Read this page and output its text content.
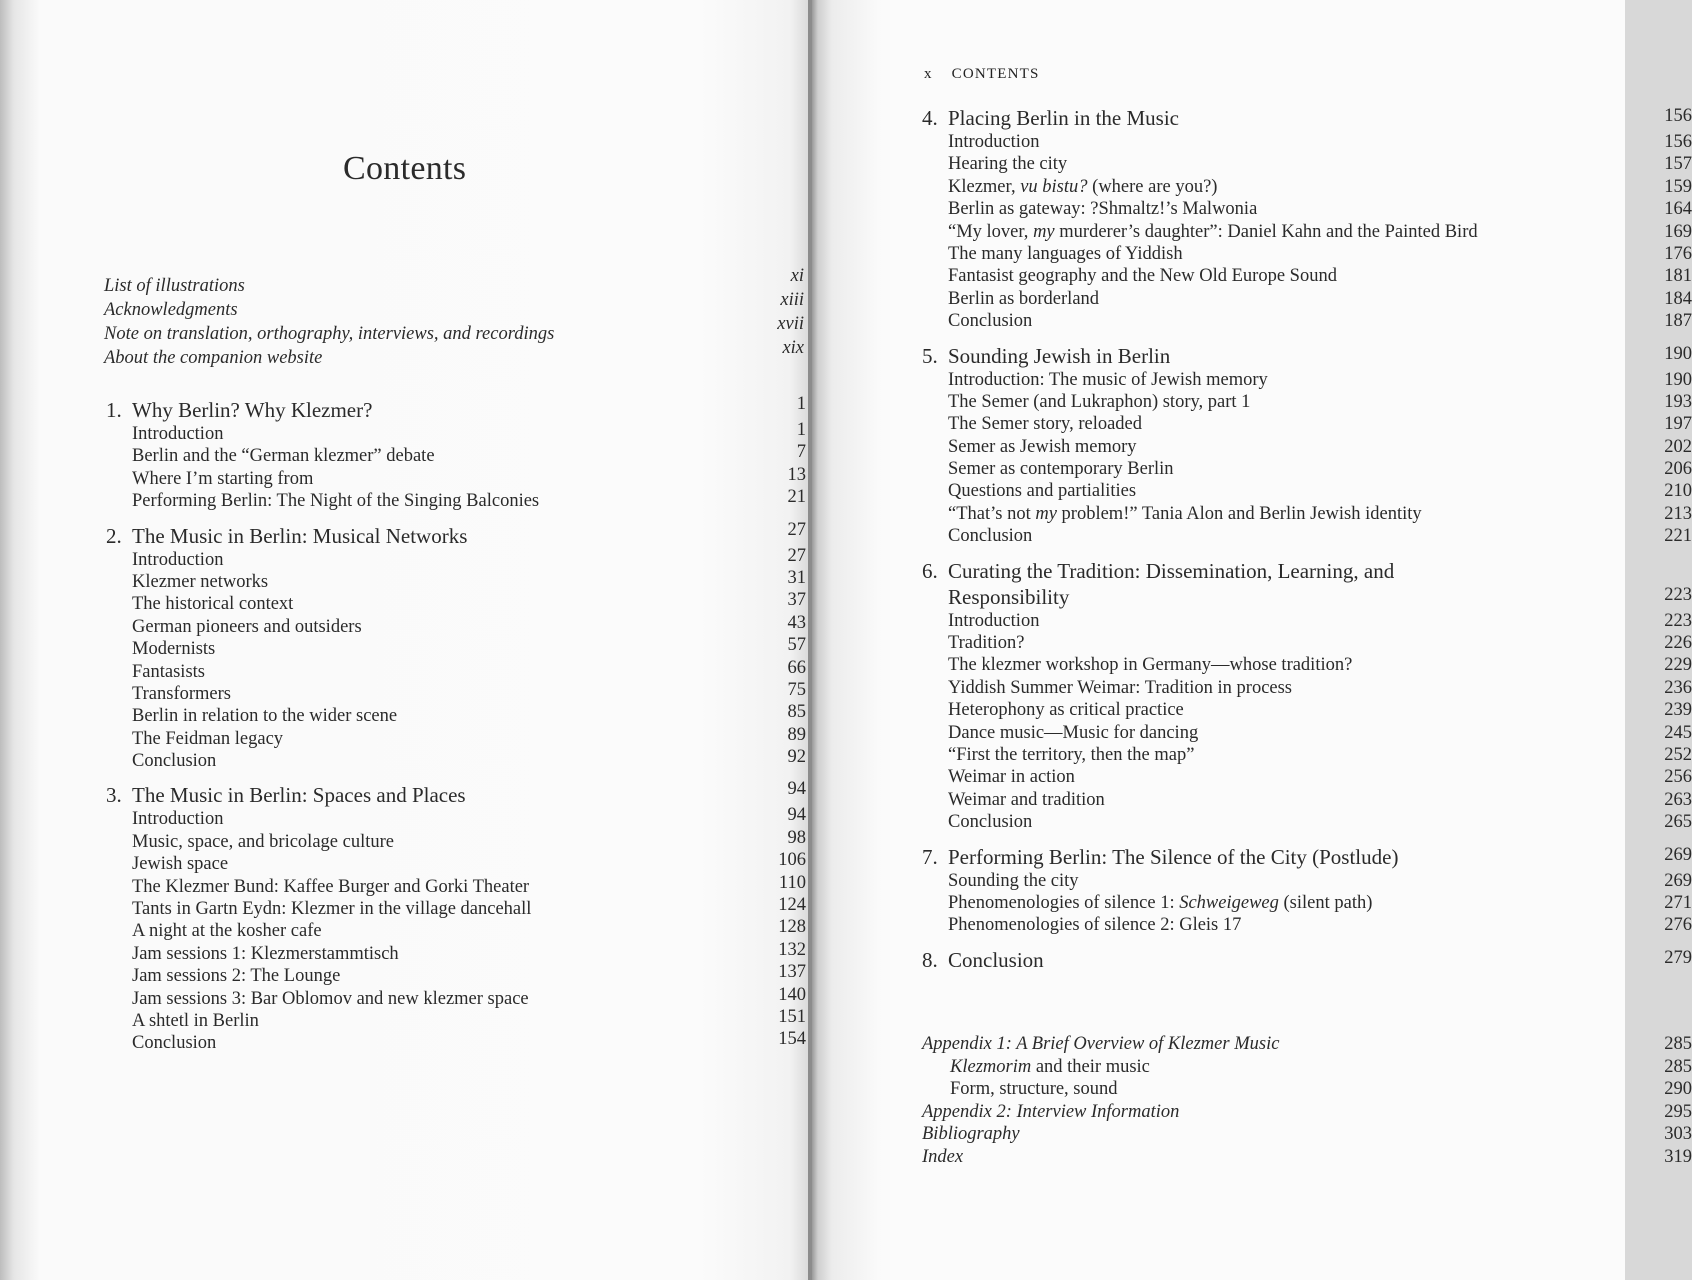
Contents
List of illustrations	xi
Acknowledgments	xiii
Note on translation, orthography, interviews, and recordings	xvii
About the companion website	xix
1. Why Berlin? Why Klezmer?	1
Introduction	1
Berlin and the “German klezmer” debate	7
Where I’m starting from	13
Performing Berlin: The Night of the Singing Balconies	21
2. The Music in Berlin: Musical Networks	27
Introduction	27
Klezmer networks	31
The historical context	37
German pioneers and outsiders	43
Modernists	57
Fantasists	66
Transformers	75
Berlin in relation to the wider scene	85
The Feidman legacy	89
Conclusion	92
3. The Music in Berlin: Spaces and Places	94
Introduction	94
Music, space, and bricolage culture	98
Jewish space	106
The Klezmer Bund: Kaffee Burger and Gorki Theater	110
Tants in Gartn Eydn: Klezmer in the village dancehall	124
A night at the kosher cafe	128
Jam sessions 1: Klezmerstammtisch	132
Jam sessions 2: The Lounge	137
Jam sessions 3: Bar Oblomov and new klezmer space	140
A shtetl in Berlin	151
Conclusion	154
x CONTENTS
4. Placing Berlin in the Music	156
Introduction	156
Hearing the city	157
Klezmer, vu bistu? (where are you?)	159
Berlin as gateway: ?Shmaltz!’s Malwonia	164
“My lover, my murderer’s daughter”: Daniel Kahn and the Painted Bird	169
The many languages of Yiddish	176
Fantasist geography and the New Old Europe Sound	181
Berlin as borderland	184
Conclusion	187
5. Sounding Jewish in Berlin	190
Introduction: The music of Jewish memory	190
The Semer (and Lukraphon) story, part 1	193
The Semer story, reloaded	197
Semer as Jewish memory	202
Semer as contemporary Berlin	206
Questions and partialities	210
“That’s not my problem!” Tania Alon and Berlin Jewish identity	213
Conclusion	221
6. Curating the Tradition: Dissemination, Learning, and
Responsibility	223
Introduction	223
Tradition?	226
The klezmer workshop in Germany—whose tradition?	229
Yiddish Summer Weimar: Tradition in process	236
Heterophony as critical practice	239
Dance music—Music for dancing	245
“First the territory, then the map”	252
Weimar in action	256
Weimar and tradition	263
Conclusion	265
7. Performing Berlin: The Silence of the City (Postlude)	269
Sounding the city	269
Phenomenologies of silence 1: Schweigeweg (silent path)	271
Phenomenologies of silence 2: Gleis 17	276
8. Conclusion	279
Appendix 1: A Brief Overview of Klezmer Music	285
Klezmorim and their music	285
Form, structure, sound	290
Appendix 2: Interview Information	295
Bibliography	303
Index	319
